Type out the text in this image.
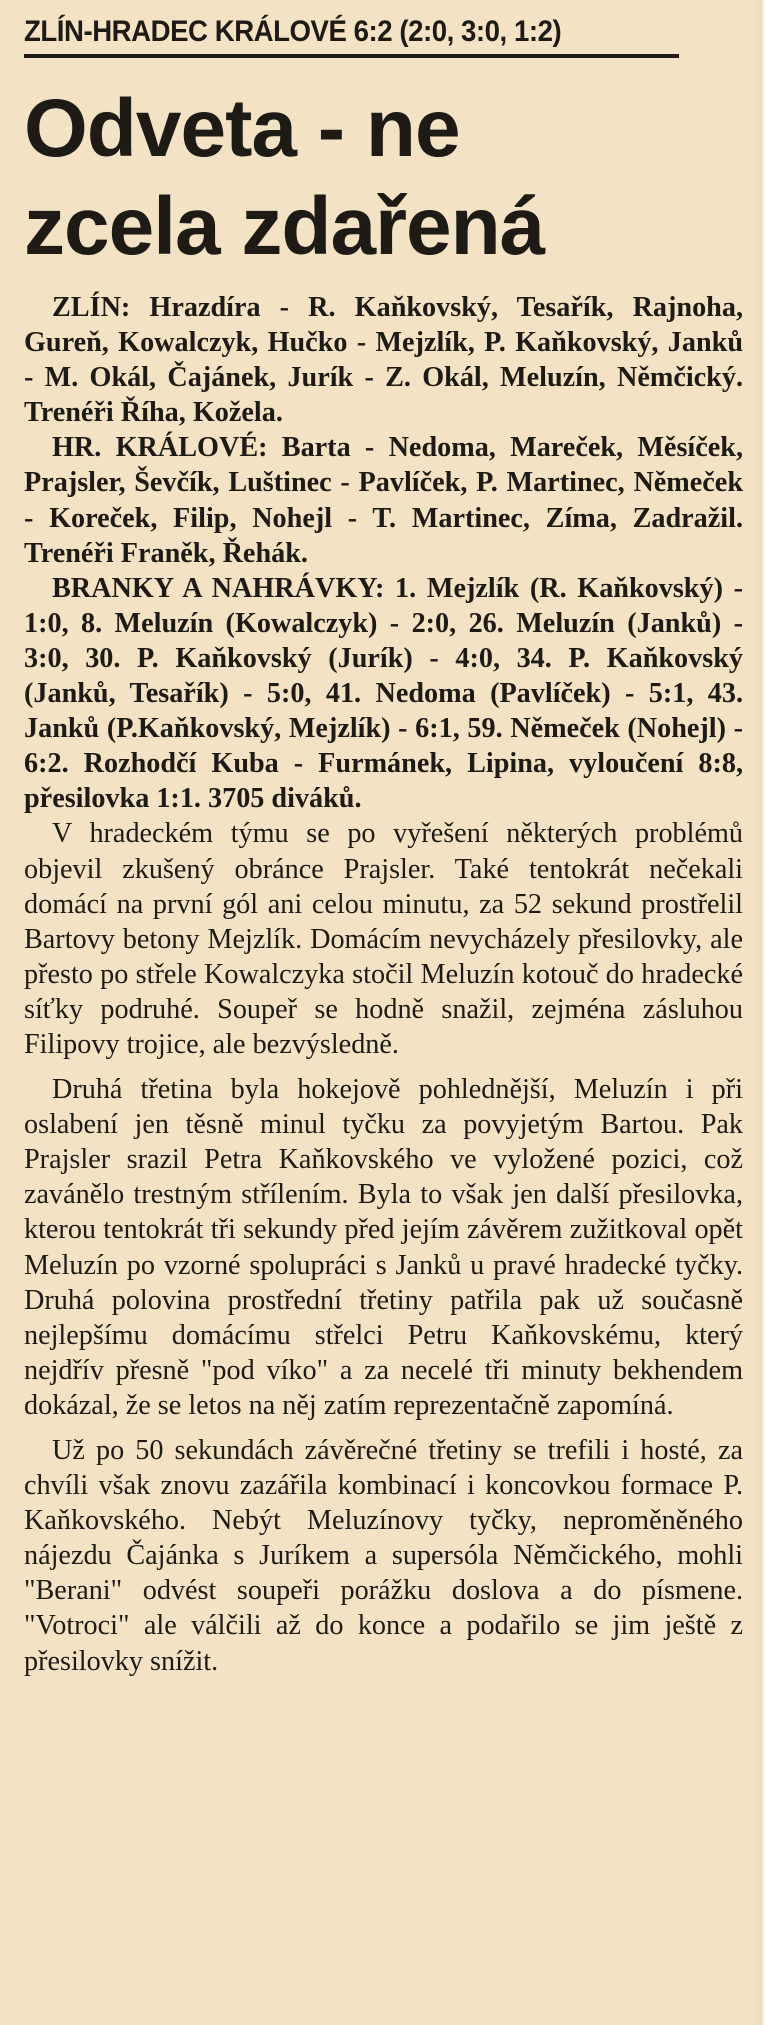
ZLÍN-HRADEC KRÁLOVÉ 6:2 (2:0, 3:0, 1:2)
Odveta - ne
zcela zdařená

ZLÍN: Hrazdíra - R. Kaňkovský, Tesařík, Rajnoha, Gureň, Kowalczyk, Hučko - Mejzlík, P. Kaňkovský, Janků - M. Okál, Čajánek, Jurík - Z. Okál, Meluzín, Němčický. Trenéři Říha, Kožela.

HR. KRÁLOVÉ: Barta - Nedoma, Mareček, Měsíček, Prajsler, Ševčík, Luštinec - Pavlíček, P. Martinec, Němeček - Koreček, Filip, Nohejl - T. Martinec, Zíma, Zadražil. Trenéři Franěk, Řehák.

BRANKY A NAHRÁVKY: 1. Mejzlík (R. Kaňkovský) - 1:0, 8. Meluzín (Kowalczyk) - 2:0, 26. Meluzín (Janků) - 3:0, 30. P. Kaňkovský (Jurík) - 4:0, 34. P. Kaňkovský (Janků, Tesařík) - 5:0, 41. Nedoma (Pavlíček) - 5:1, 43. Janků (P.Kaňkovský, Mejzlík) - 6:1, 59. Němeček (Nohejl) - 6:2. Rozhodčí Kuba - Furmánek, Lipina, vyloučení 8:8, přesilovka 1:1. 3705 diváků.

V hradeckém týmu se po vyřešení některých problémů objevil zkušený obránce Prajsler. Také tentokrát nečekali domácí na první gól ani celou minutu, za 52 sekund prostřelil Bartovy betony Mejzlík. Domácím nevycházely přesilovky, ale přesto po střele Kowalczyka stočil Meluzín kotouč do hradecké síťky podruhé. Soupeř se hodně snažil, zejména zásluhou Filipovy trojice, ale bezvýsledně.

Druhá třetina byla hokejově pohlednější, Meluzín i při oslabení jen těsně minul tyčku za povyjetým Bartou. Pak Prajsler srazil Petra Kaňkovského ve vyložené pozici, což zavánělo trestným střílením. Byla to však jen další přesilovka, kterou tentokrát tři sekundy před jejím závěrem zužitkoval opět Meluzín po vzorné spolupráci s Janků u pravé hradecké tyčky. Druhá polovina prostřední třetiny patřila pak už současně nejlepšímu domácímu střelci Petru Kaňkovskému, který nejdřív přesně "pod víko" a za necelé tři minuty bekhendem dokázal, že se letos na něj zatím reprezentačně zapomíná.

Už po 50 sekundách závěrečné třetiny se trefili i hosté, za chvíli však znovu zazářila kombinací i koncovkou formace P. Kaňkovského. Nebýt Meluzínovy tyčky, neproměněného nájezdu Čajánka s Juríkem a supersóla Němčického, mohli "Berani" odvést soupeři porážku doslova a do písmene. "Votroci" ale válčili až do konce a podařilo se jim ještě z přesilovky snížit.
